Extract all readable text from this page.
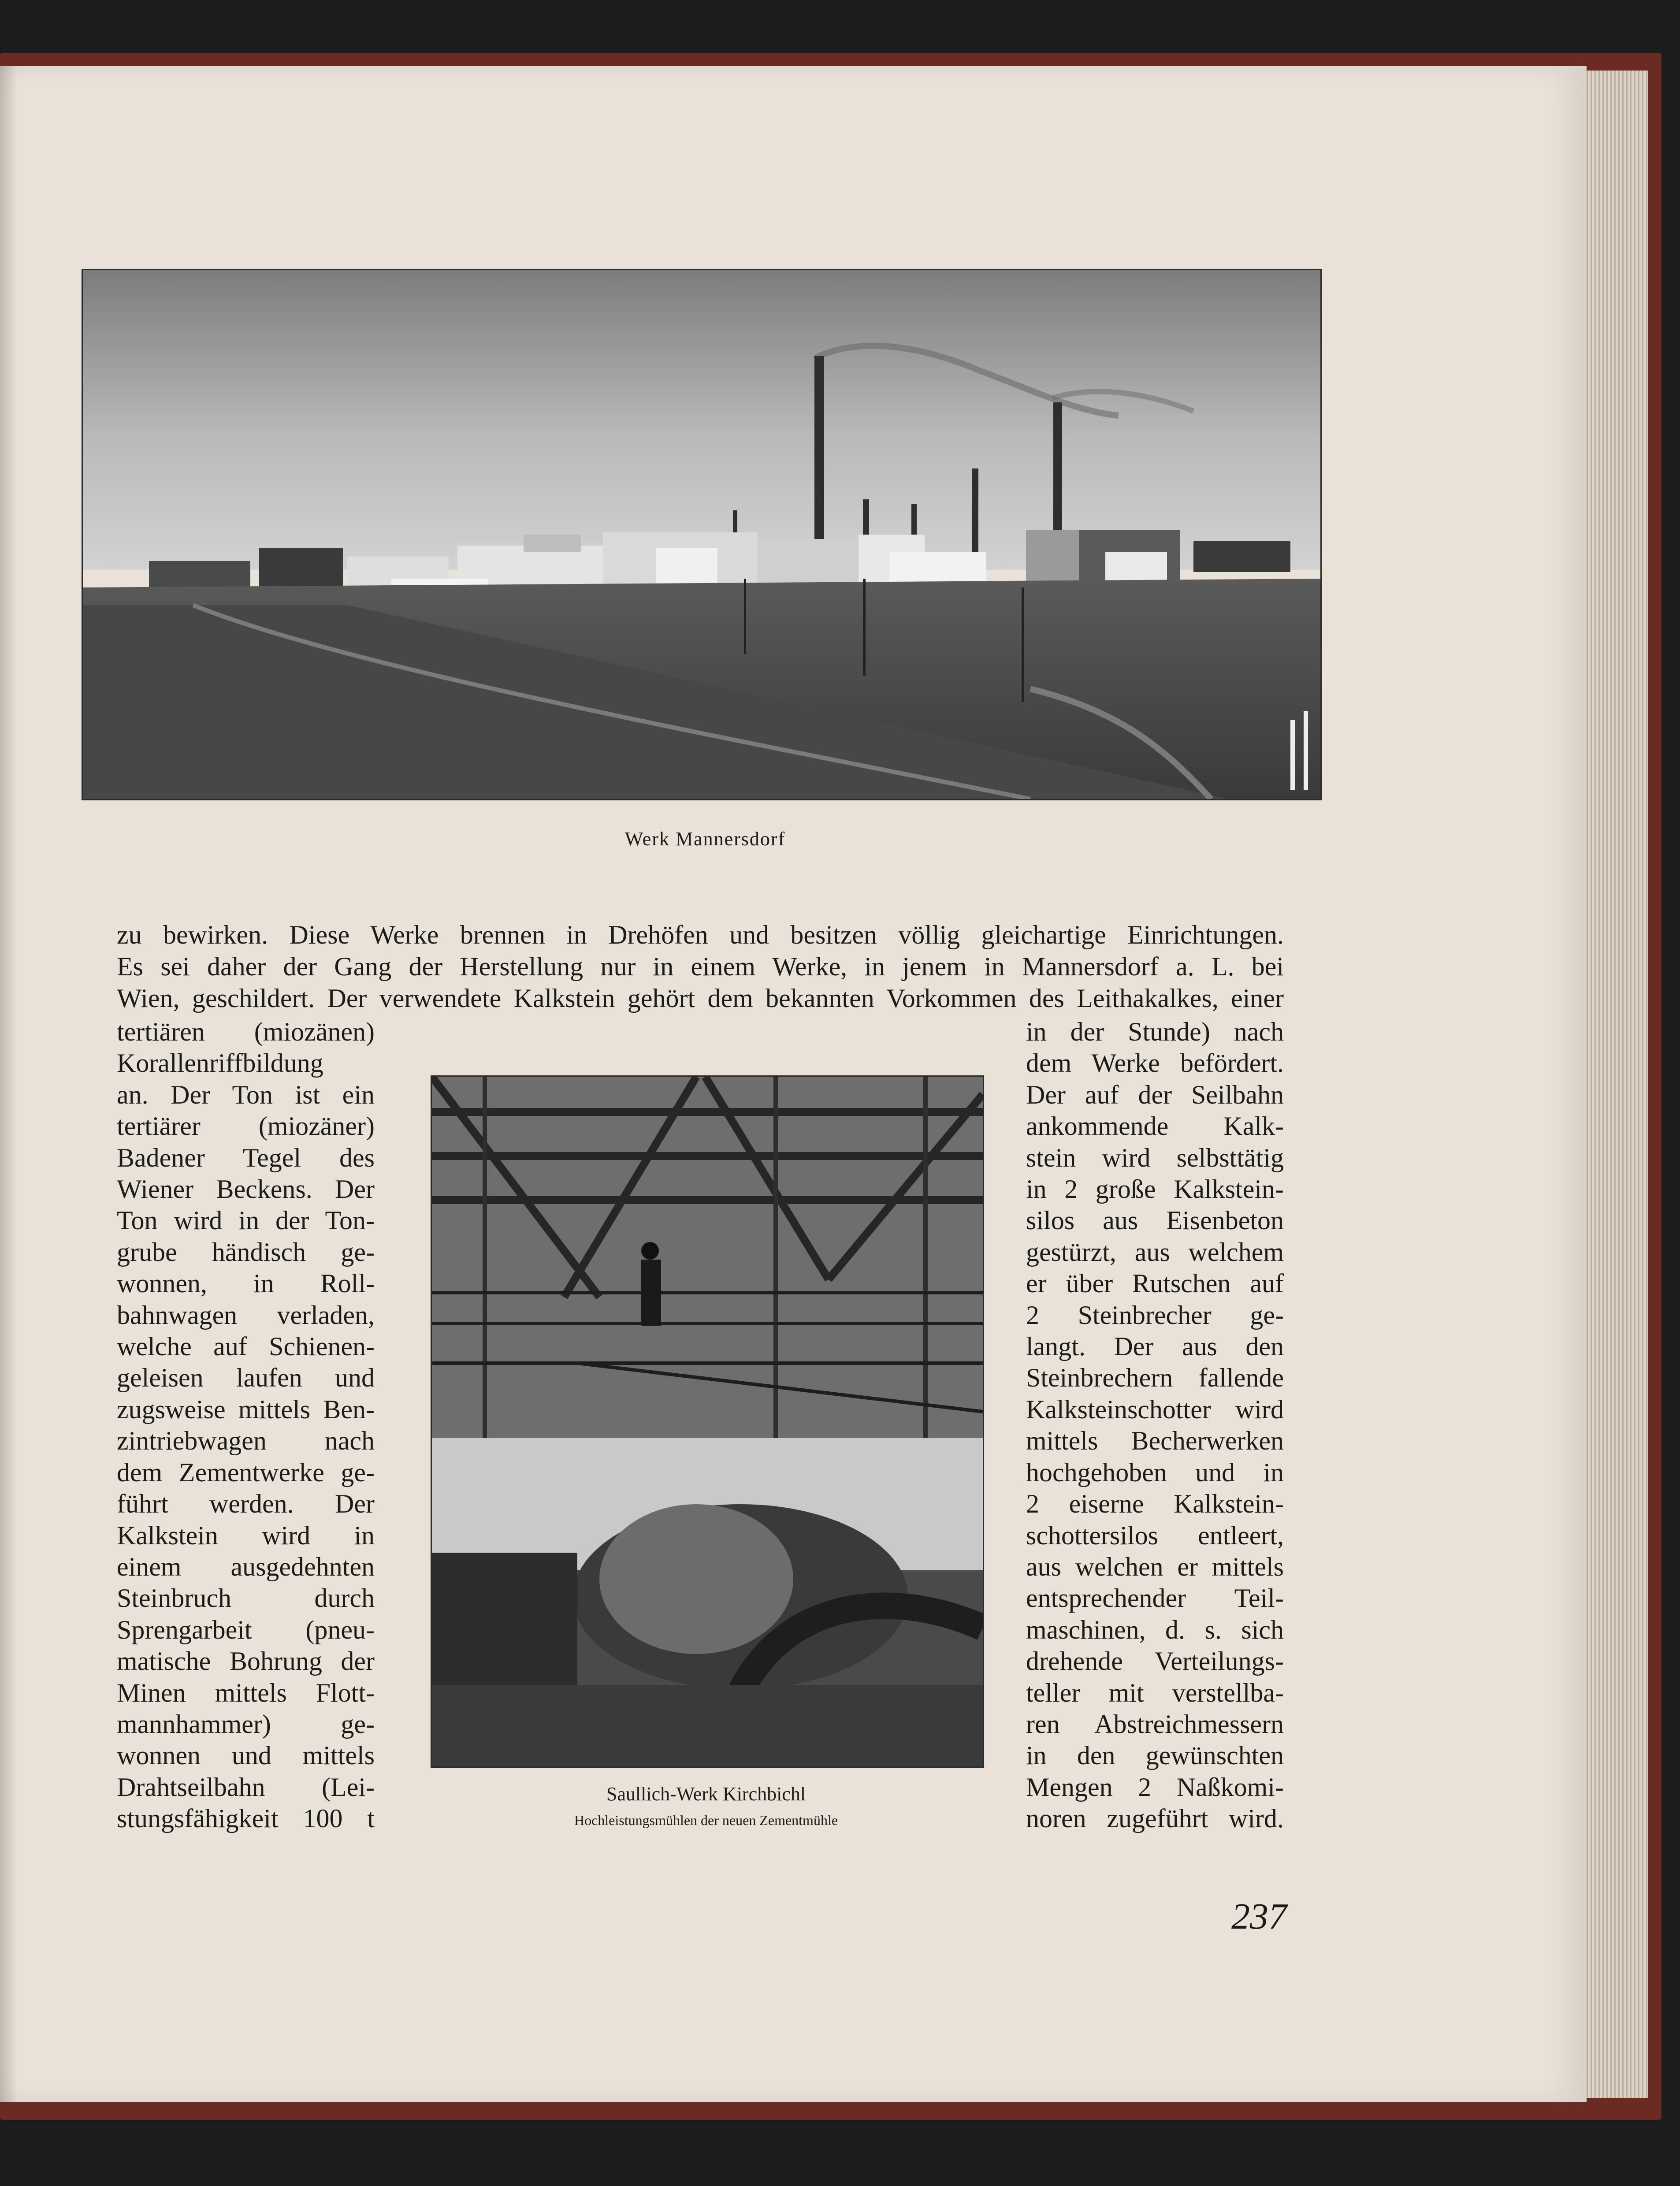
Werk Mannersdorf
zu bewirken. Diese Werke brennen in Drehöfen und besitzen völlig gleichartige Einrichtungen.
Es sei daher der Gang der Herstellung nur in einem Werke, in jenem in Mannersdorf a. L. bei
Wien, geschildert. Der verwendete Kalkstein gehört dem bekannten Vorkommen des Leithakalkes, einer
tertiären (miozänen)
Korallenriffbildung
an. Der Ton ist ein
tertiärer (miozäner)
Badener Tegel des
Wiener Beckens. Der
Ton wird in der Ton-
grube händisch ge-
wonnen, in Roll-
bahnwagen verladen,
welche auf Schienen-
geleisen laufen und
zugsweise mittels Ben-
zintriebwagen nach
dem Zementwerke ge-
führt werden. Der
Kalkstein wird in
einem ausgedehnten
Steinbruch durch
Sprengarbeit (pneu-
matische Bohrung der
Minen mittels Flott-
mannhammer) ge-
wonnen und mittels
Drahtseilbahn (Lei-
stungsfähigkeit 100 t
Saullich-Werk Kirchbichl
Hochleistungsmühlen der neuen Zementmühle
in der Stunde) nach
dem Werke befördert.
Der auf der Seilbahn
ankommende Kalk-
stein wird selbsttätig
in 2 große Kalkstein-
silos aus Eisenbeton
gestürzt, aus welchem
er über Rutschen auf
2 Steinbrecher ge-
langt. Der aus den
Steinbrechern fallende
Kalksteinschotter wird
mittels Becherwerken
hochgehoben und in
2 eiserne Kalkstein-
schottersilos entleert,
aus welchen er mittels
entsprechender Teil-
maschinen, d. s. sich
drehende Verteilungs-
teller mit verstellba-
ren Abstreichmessern
in den gewünschten
Mengen 2 Naßkomi-
noren zugeführt wird.
237
